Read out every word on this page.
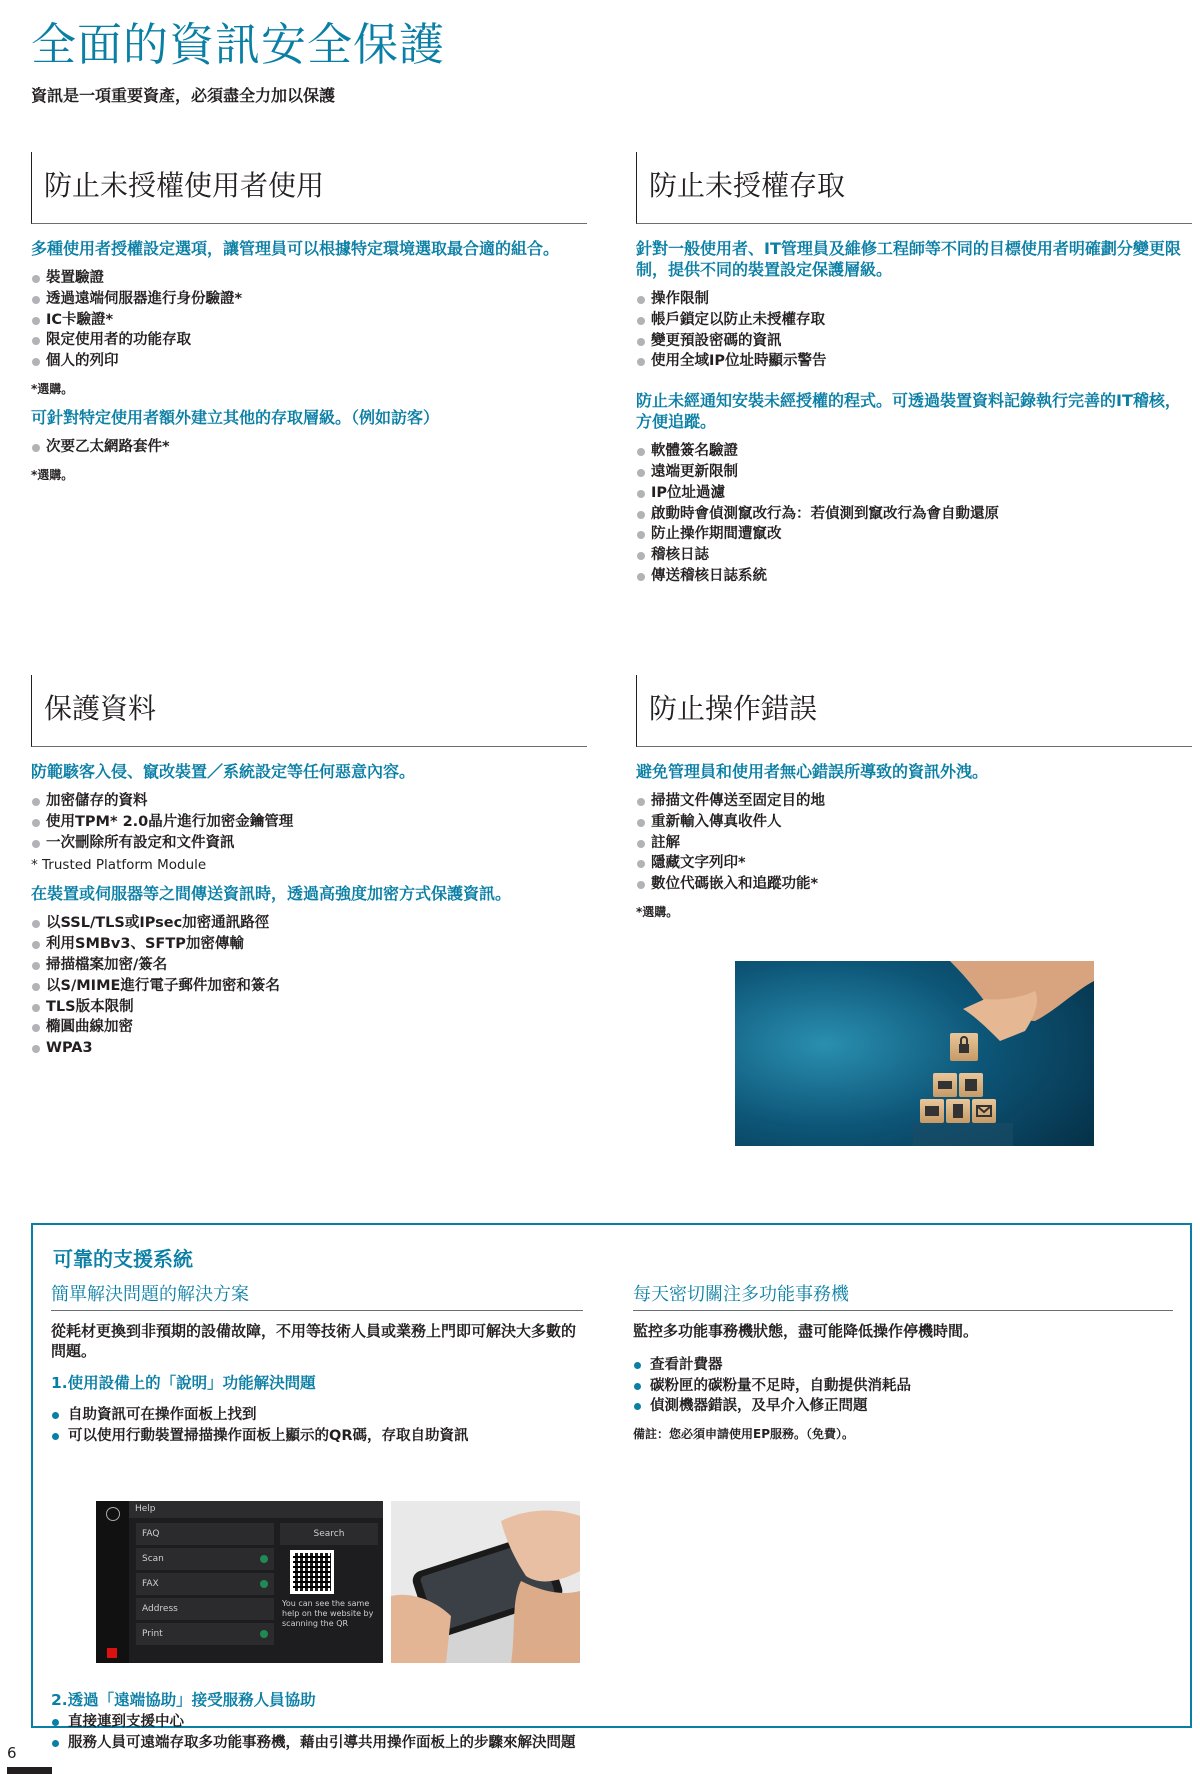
全面的資訊安全保護
資訊是一項重要資產，必須盡全力加以保護
防止未授權使用者使用
多種使用者授權設定選項，讓管理員可以根據特定環境選取最合適的組合。
裝置驗證
透過遠端伺服器進行身份驗證*
IC卡驗證*
限定使用者的功能存取
個人的列印
*選購。
可針對特定使用者額外建立其他的存取層級。（例如訪客）
次要乙太網路套件*
*選購。
防止未授權存取
針對一般使用者、IT管理員及維修工程師等不同的目標使用者明確劃分變更限制，提供不同的裝置設定保護層級。
操作限制
帳戶鎖定以防止未授權存取
變更預設密碼的資訊
使用全域IP位址時顯示警告
防止未經通知安裝未經授權的程式。可透過裝置資料記錄執行完善的IT稽核，方便追蹤。
軟體簽名驗證
遠端更新限制
IP位址過濾
啟動時會偵測竄改行為：若偵測到竄改行為會自動還原
防止操作期間遭竄改
稽核日誌
傳送稽核日誌系統
保護資料
防範駭客入侵、竄改裝置／系統設定等任何惡意內容。
加密儲存的資料
使用TPM* 2.0晶片進行加密金鑰管理
一次刪除所有設定和文件資訊
* Trusted Platform Module
在裝置或伺服器等之間傳送資訊時，透過高強度加密方式保護資訊。
以SSL/TLS或IPsec加密通訊路徑
利用SMBv3、SFTP加密傳輸
掃描檔案加密/簽名
以S/MIME進行電子郵件加密和簽名
TLS版本限制
橢圓曲線加密
WPA3
防止操作錯誤
避免管理員和使用者無心錯誤所導致的資訊外洩。
掃描文件傳送至固定目的地
重新輸入傳真收件人
註解
隱藏文字列印*
數位代碼嵌入和追蹤功能*
*選購。
可靠的支援系統
簡單解決問題的解決方案

從耗材更換到非預期的設備故障，不用等技術人員或業務上門即可解決大多數的問題。

1.使用設備上的「說明」功能解決問題
自助資訊可在操作面板上找到
可以使用行動裝置掃描操作面板上顯示的QR碼，存取自助資訊
Help
FAQ
Scan
FAX
Address
Print
Search
You can see the same help on the website by scanning the QR
2.透過「遠端協助」接受服務人員協助
直接連到支援中心
服務人員可遠端存取多功能事務機，藉由引導共用操作面板上的步驟來解決問題
每天密切關注多功能事務機

監控多功能事務機狀態，盡可能降低操作停機時間。

查看計費器
碳粉匣的碳粉量不足時，自動提供消耗品
偵測機器錯誤，及早介入修正問題
備註：您必須申請使用EP服務。（免費）。
6
